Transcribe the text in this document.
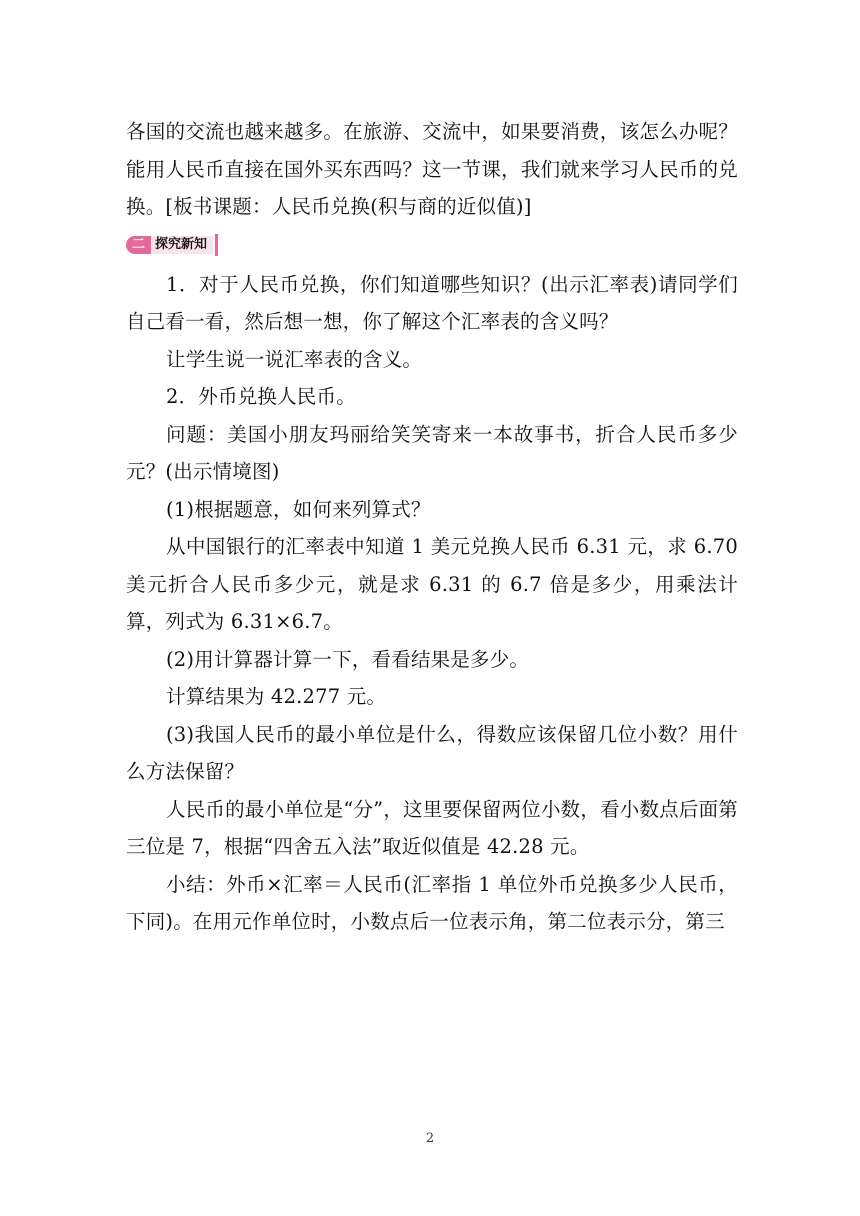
各国的交流也越来越多。在旅游、交流中，如果要消费，该怎么办呢？能用人民币直接在国外买东西吗？这一节课，我们就来学习人民币的兑换。[板书课题：人民币兑换(积与商的近似值)]

二 探究新知

1．对于人民币兑换，你们知道哪些知识？(出示汇率表)请同学们自己看一看，然后想一想，你了解这个汇率表的含义吗？

让学生说一说汇率表的含义。

2．外币兑换人民币。

问题：美国小朋友玛丽给笑笑寄来一本故事书，折合人民币多少元？(出示情境图)

(1)根据题意，如何来列算式？

从中国银行的汇率表中知道 1 美元兑换人民币 6.31 元，求 6.70 美元折合人民币多少元，就是求 6.31 的 6.7 倍是多少，用乘法计算，列式为 6.31×6.7。

(2)用计算器计算一下，看看结果是多少。

计算结果为 42.277 元。

(3)我国人民币的最小单位是什么，得数应该保留几位小数？用什么方法保留？

人民币的最小单位是“分”，这里要保留两位小数，看小数点后面第三位是 7，根据“四舍五入法”取近似值是 42.28 元。

小结：外币×汇率＝人民币(汇率指 1 单位外币兑换多少人民币，下同)。在用元作单位时，小数点后一位表示角，第二位表示分，第三

2
